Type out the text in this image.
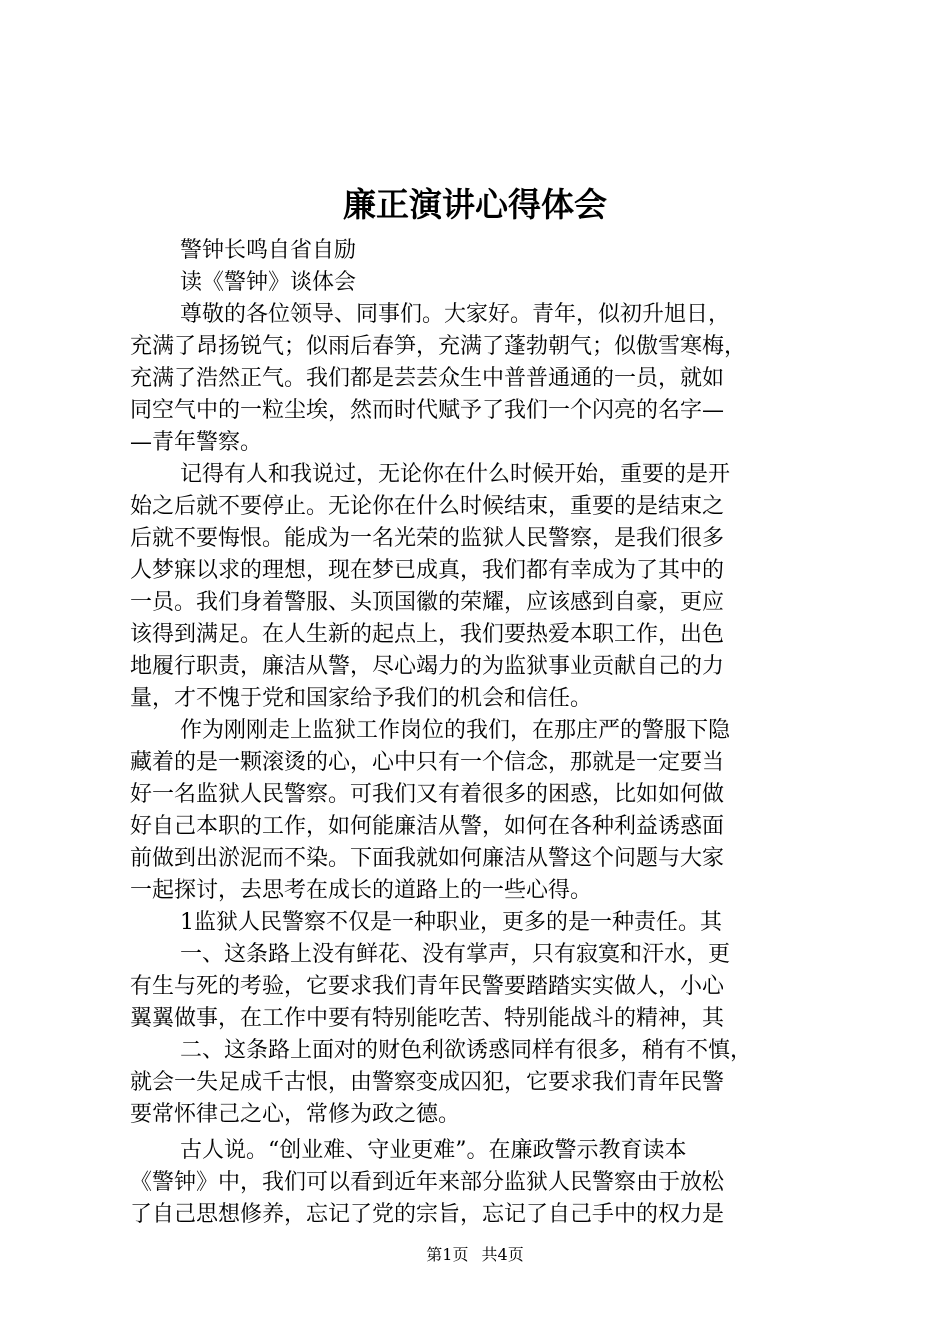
廉正演讲心得体会
警钟长鸣自省自励
读《警钟》谈体会
尊敬的各位领导、同事们。大家好。青年，似初升旭日，
充满了昂扬锐气；似雨后春笋，充满了蓬勃朝气；似傲雪寒梅，
充满了浩然正气。我们都是芸芸众生中普普通通的一员，就如
同空气中的一粒尘埃，然而时代赋予了我们一个闪亮的名字—
—青年警察。
记得有人和我说过，无论你在什么时候开始，重要的是开
始之后就不要停止。无论你在什么时候结束，重要的是结束之
后就不要悔恨。能成为一名光荣的监狱人民警察，是我们很多
人梦寐以求的理想，现在梦已成真，我们都有幸成为了其中的
一员。我们身着警服、头顶国徽的荣耀，应该感到自豪，更应
该得到满足。在人生新的起点上，我们要热爱本职工作，出色
地履行职责，廉洁从警，尽心竭力的为监狱事业贡献自己的力
量，才不愧于党和国家给予我们的机会和信任。
作为刚刚走上监狱工作岗位的我们，在那庄严的警服下隐
藏着的是一颗滚烫的心，心中只有一个信念，那就是一定要当
好一名监狱人民警察。可我们又有着很多的困惑，比如如何做
好自己本职的工作，如何能廉洁从警，如何在各种利益诱惑面
前做到出淤泥而不染。下面我就如何廉洁从警这个问题与大家
一起探讨，去思考在成长的道路上的一些心得。
1监狱人民警察不仅是一种职业，更多的是一种责任。其
一、这条路上没有鲜花、没有掌声，只有寂寞和汗水，更
有生与死的考验，它要求我们青年民警要踏踏实实做人，小心
翼翼做事，在工作中要有特别能吃苦、特别能战斗的精神，其
二、这条路上面对的财色利欲诱惑同样有很多，稍有不慎，
就会一失足成千古恨，由警察变成囚犯，它要求我们青年民警
要常怀律己之心，常修为政之德。
古人说。“创业难、守业更难”。在廉政警示教育读本
《警钟》中，我们可以看到近年来部分监狱人民警察由于放松
了自己思想修养，忘记了党的宗旨，忘记了自己手中的权力是
第1页 共4页
